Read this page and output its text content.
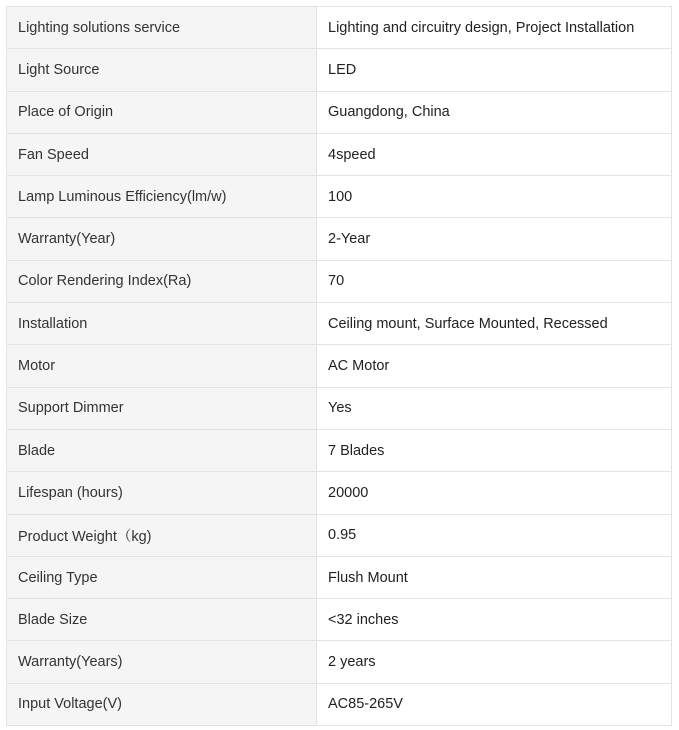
Lighting solutions service	Lighting and circuitry design, Project Installation
Light Source	LED
Place of Origin	Guangdong, China
Fan Speed	4speed
Lamp Luminous Efficiency(lm/w)	100
Warranty(Year)	2-Year
Color Rendering Index(Ra)	70
Installation	Ceiling mount, Surface Mounted, Recessed
Motor	AC Motor
Support Dimmer	Yes
Blade	7 Blades
Lifespan (hours)	20000
Product Weight（kg)	0.95
Ceiling Type	Flush Mount
Blade Size	<32 inches
Warranty(Years)	2 years
Input Voltage(V)	AC85-265V
